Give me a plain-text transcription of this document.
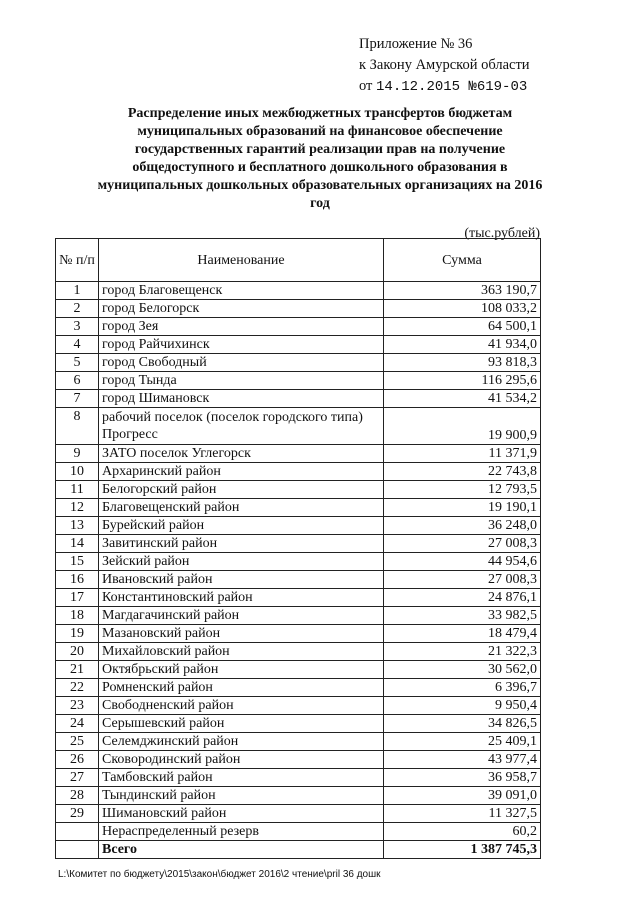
Приложение № 36
к Закону Амурской области
от 14.12.2015 №619-03
Распределение иных межбюджетных трансфертов бюджетам муниципальных образований на финансовое обеспечение государственных гарантий реализации прав на получение общедоступного и бесплатного дошкольного образования в муниципальных дошкольных образовательных организациях на 2016 год
(тыс.рублей)
№ п/п	Наименование	Сумма
1	город Благовещенск	363 190,7
2	город Белогорск	108 033,2
3	город Зея	64 500,1
4	город Райчихинск	41 934,0
5	город Свободный	93 818,3
6	город Тында	116 295,6
7	город Шимановск	41 534,2
8	рабочий поселок (поселок городского типа) Прогресс	19 900,9
9	ЗАТО поселок Углегорск	11 371,9
10	Архаринский район	22 743,8
11	Белогорский район	12 793,5
12	Благовещенский район	19 190,1
13	Бурейский район	36 248,0
14	Завитинский район	27 008,3
15	Зейский район	44 954,6
16	Ивановский район	27 008,3
17	Константиновский район	24 876,1
18	Магдагачинский район	33 982,5
19	Мазановский район	18 479,4
20	Михайловский район	21 322,3
21	Октябрьский район	30 562,0
22	Ромненский район	6 396,7
23	Свободненский район	9 950,4
24	Серышевский район	34 826,5
25	Селемджинский район	25 409,1
26	Сковородинский район	43 977,4
27	Тамбовский район	36 958,7
28	Тындинский район	39 091,0
29	Шимановский район	11 327,5
	Нераспределенный резерв	60,2
	Всего	1 387 745,3
L:\Комитет по бюджету\2015\закон\бюджет 2016\2 чтение\pril 36 дошк
